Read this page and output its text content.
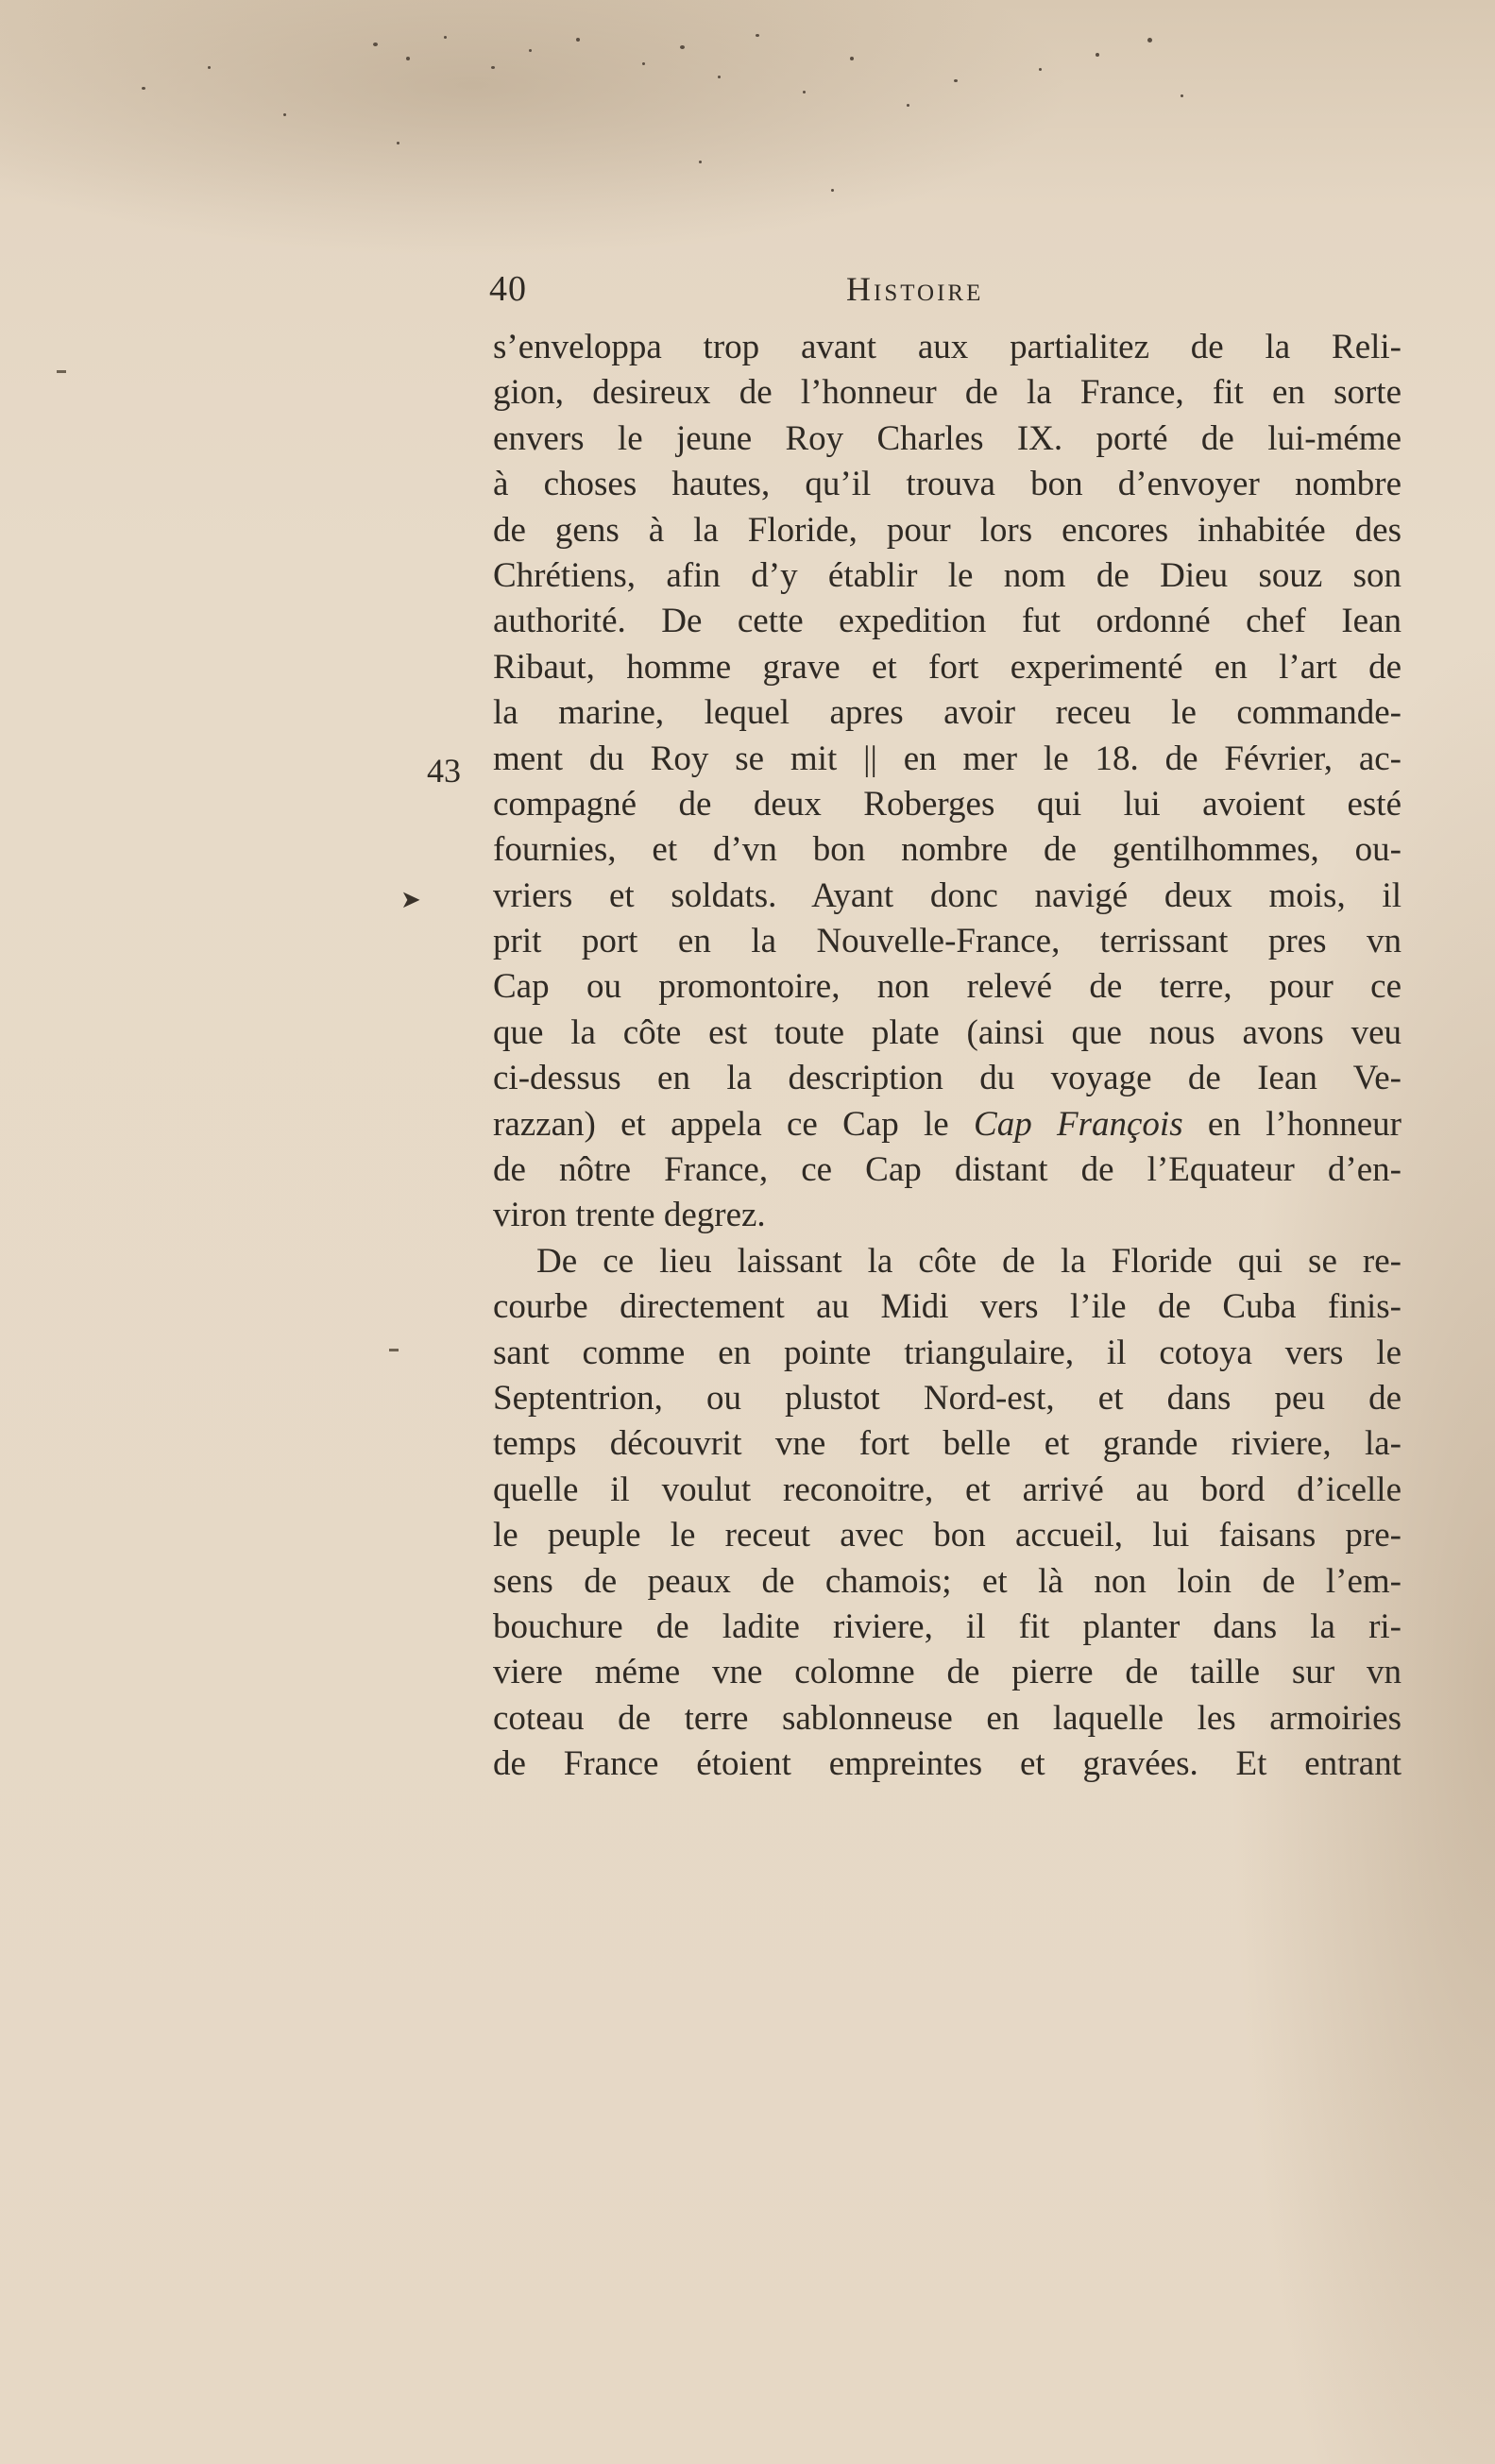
40	Histoire
43
➤
s’enveloppa trop avant aux partialitez de la Reli-
gion, desireux de l’honneur de la France, fit en sorte
envers le jeune Roy Charles IX. porté de lui-méme
à choses hautes, qu’il trouva bon d’envoyer nombre
de gens à la Floride, pour lors encores inhabitée des
Chrétiens, afin d’y établir le nom de Dieu souz son
authorité. De cette expedition fut ordonné chef Iean
Ribaut, homme grave et fort experimenté en l’art de
la marine, lequel apres avoir receu le commande-
ment du Roy se mit || en mer le 18. de Février, ac-
compagné de deux Roberges qui lui avoient esté
fournies, et d’vn bon nombre de gentilhommes, ou-
vriers et soldats. Ayant donc navigé deux mois, il
prit port en la Nouvelle-France, terrissant pres vn
Cap ou promontoire, non relevé de terre, pour ce
que la côte est toute plate (ainsi que nous avons veu
ci-dessus en la description du voyage de Iean Ve-
razzan) et appela ce Cap le Cap François en l’honneur
de nôtre France, ce Cap distant de l’Equateur d’en-
viron trente degrez.
De ce lieu laissant la côte de la Floride qui se re-
courbe directement au Midi vers l’ile de Cuba finis-
sant comme en pointe triangulaire, il cotoya vers le
Septentrion, ou plustot Nord-est, et dans peu de
temps découvrit vne fort belle et grande riviere, la-
quelle il voulut reconoitre, et arrivé au bord d’icelle
le peuple le receut avec bon accueil, lui faisans pre-
sens de peaux de chamois; et là non loin de l’em-
bouchure de ladite riviere, il fit planter dans la ri-
viere méme vne colomne de pierre de taille sur vn
coteau de terre sablonneuse en laquelle les armoiries
de France étoient empreintes et gravées. Et entrant
